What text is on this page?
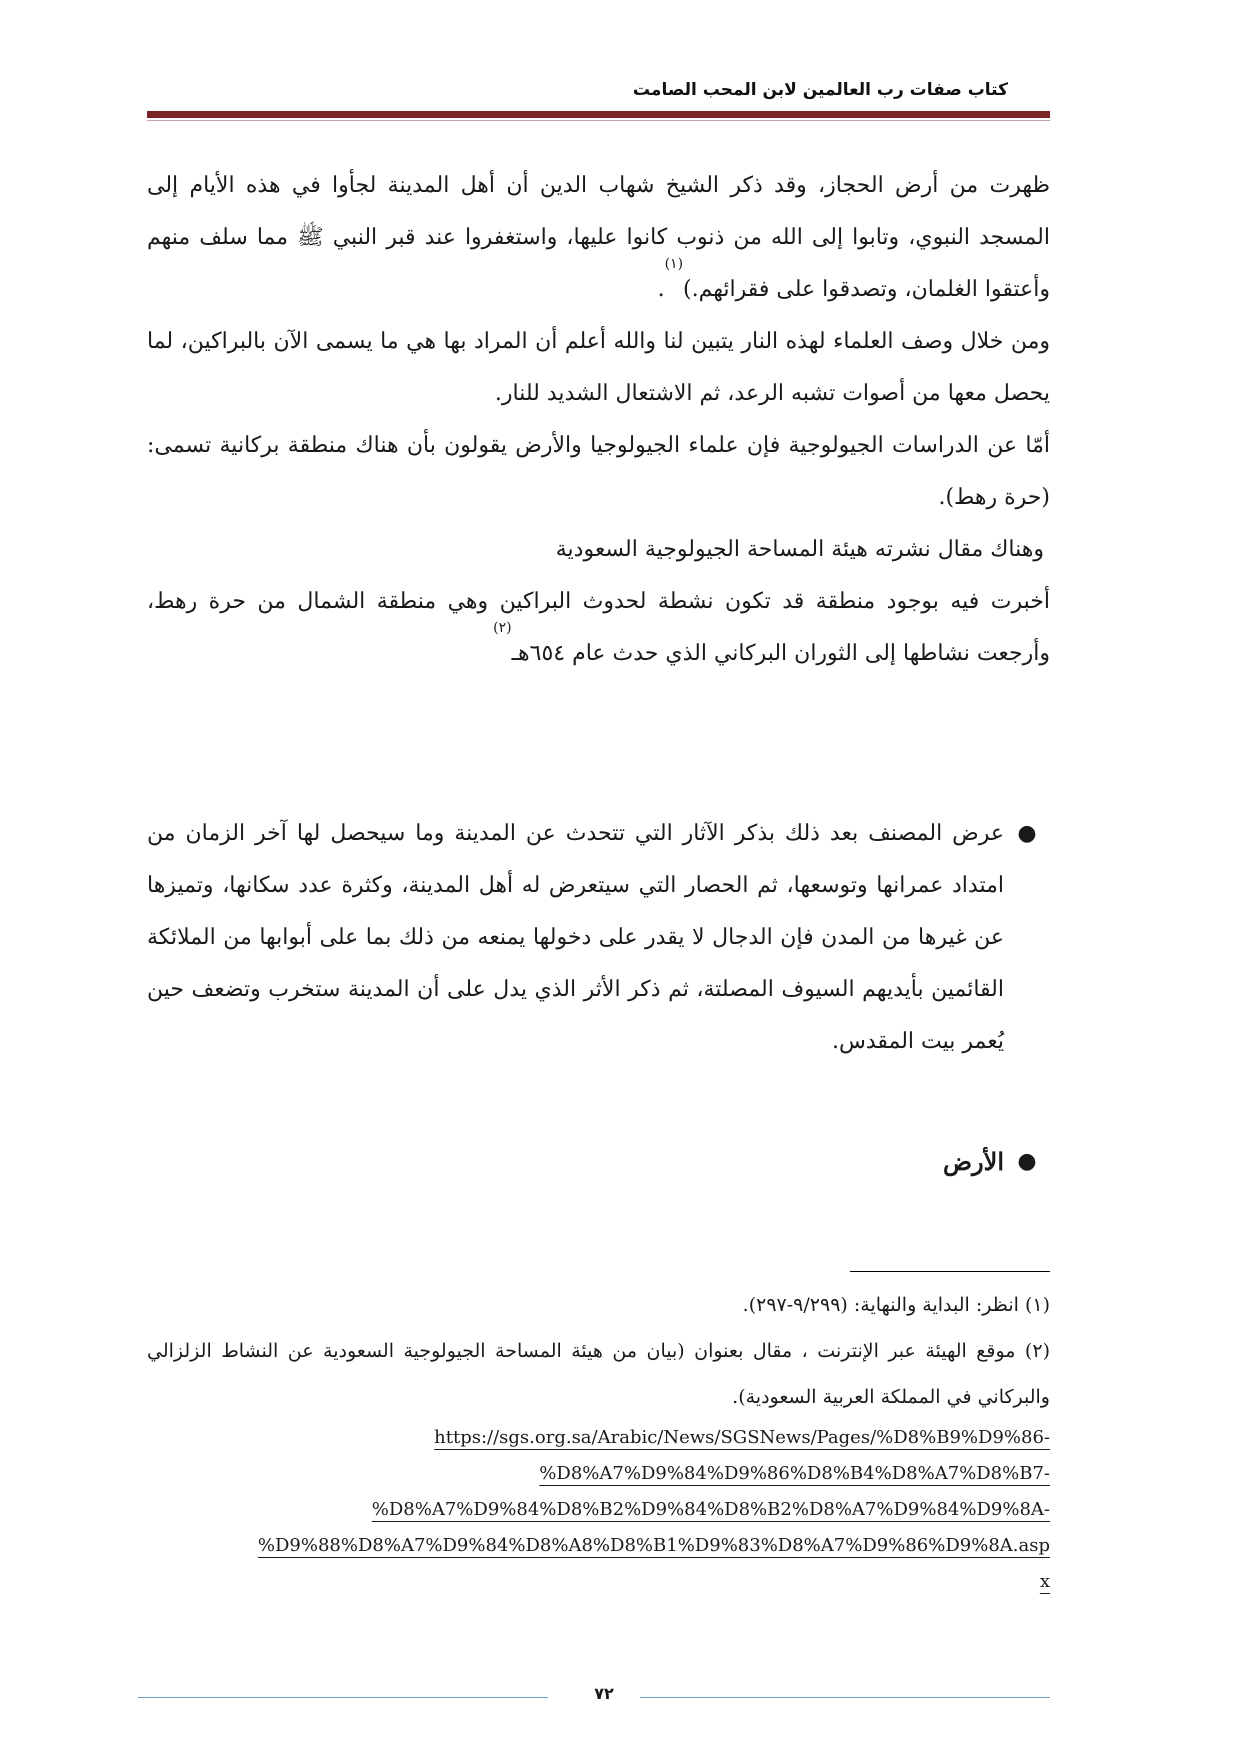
كتاب صفات رب العالمين لابن المحب الصامت

ظهرت من أرض الحجاز، وقد ذكر الشيخ شهاب الدين أن أهل المدينة لجأوا في هذه الأيام إلى المسجد النبوي، وتابوا إلى الله من ذنوب كانوا عليها، واستغفروا عند قبر النبي ﷺ مما سلف منهم وأعتقوا الغلمان، وتصدقوا على فقرائهم.)$^{(١)}$.

ومن خلال وصف العلماء لهذه النار يتبين لنا والله أعلم أن المراد بها هي ما يسمى الآن بالبراكين، لما يحصل معها من أصوات تشبه الرعد، ثم الاشتعال الشديد للنار.

أمّا عن الدراسات الجيولوجية فإن علماء الجيولوجيا والأرض يقولون بأن هناك منطقة بركانية تسمى: (حرة رهط).

وهناك مقال نشرته هيئة المساحة الجيولوجية السعودية

أخبرت فيه بوجود منطقة قد تكون نشطة لحدوث البراكين وهي منطقة الشمال من حرة رهط، وأرجعت نشاطها إلى الثوران البركاني الذي حدث عام ٦٥٤هـ$^{(٢)}$

●
عرض المصنف بعد ذلك بذكر الآثار التي تتحدث عن المدينة وما سيحصل لها آخر الزمان من امتداد عمرانها وتوسعها، ثم الحصار التي سيتعرض له أهل المدينة، وكثرة عدد سكانها، وتميزها عن غيرها من المدن فإن الدجال لا يقدر على دخولها يمنعه من ذلك بما على أبوابها من الملائكة القائمين بأيديهم السيوف المصلتة، ثم ذكر الأثر الذي يدل على أن المدينة ستخرب وتضعف حين يُعمر بيت المقدس.
●
الأرض

(١) انظر: البداية والنهاية: (٩/٢٩٩-٢٩٧).

(٢) موقع الهيئة عبر الإنترنت ، مقال بعنوان (بيان من هيئة المساحة الجيولوجية السعودية عن النشاط الزلزالي والبركاني في المملكة العربية السعودية).

https://sgs.org.sa/Arabic/News/SGSNews/Pages/%D8%B9%D9%86-
%D8%A7%D9%84%D9%86%D8%B4%D8%A7%D8%B7-
%D8%A7%D9%84%D8%B2%D9%84%D8%B2%D8%A7%D9%84%D9%8A-
%D9%88%D8%A7%D9%84%D8%A8%D8%B1%D9%83%D8%A7%D9%86%D9%8A.asp
x
٧٢
